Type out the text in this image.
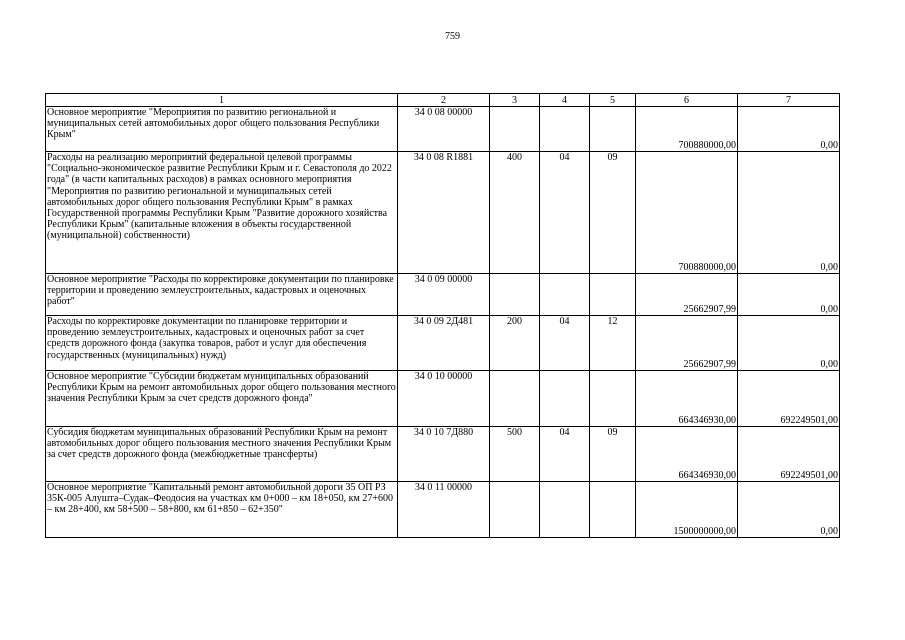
759
1	2	3	4	5	6	7
Основное мероприятие "Мероприятия по развитию региональной и муниципальных сетей автомобильных дорог общего пользования Республики Крым"	34 0 08 00000				700880000,00	0,00
Расходы на реализацию мероприятий федеральной целевой программы "Социально-экономическое развитие Республики Крым и г. Севастополя до 2022 года" (в части капитальных расходов) в рамках основного мероприятия "Мероприятия по развитию региональной и муниципальных сетей автомобильных дорог общего пользования Республики Крым" в рамках Государственной программы Республики Крым "Развитие дорожного хозяйства Республики Крым" (капитальные вложения в объекты государственной (муниципальной) собственности)	34 0 08 R1881	400	04	09	700880000,00	0,00
Основное мероприятие "Расходы по корректировке документации по планировке территории и проведению землеустроительных, кадастровых и оценочных работ"	34 0 09 00000				25662907,99	0,00
Расходы по корректировке документации по планировке территории и проведению землеустроительных, кадастровых и оценочных работ за счет средств дорожного фонда (закупка товаров, работ и услуг для обеспечения государственных (муниципальных) нужд)	34 0 09 2Д481	200	04	12	25662907,99	0,00
Основное мероприятие "Субсидии бюджетам муниципальных образований Республики Крым на ремонт автомобильных дорог общего пользования местного значения Республики Крым за счет средств дорожного фонда"	34 0 10 00000				664346930,00	692249501,00
Субсидия бюджетам муниципальных образований Республики Крым на ремонт автомобильных дорог общего пользования местного значения Республики Крым за счет средств дорожного фонда (межбюджетные трансферты)	34 0 10 7Д880	500	04	09	664346930,00	692249501,00
Основное мероприятие "Капитальный ремонт автомобильной дороги 35 ОП РЗ 35К-005 Алушта–Судак–Феодосия на участках км 0+000 – км 18+050, км 27+600 – км 28+400, км 58+500 – 58+800, км 61+850 – 62+350"	34 0 11 00000				1500000000,00	0,00
